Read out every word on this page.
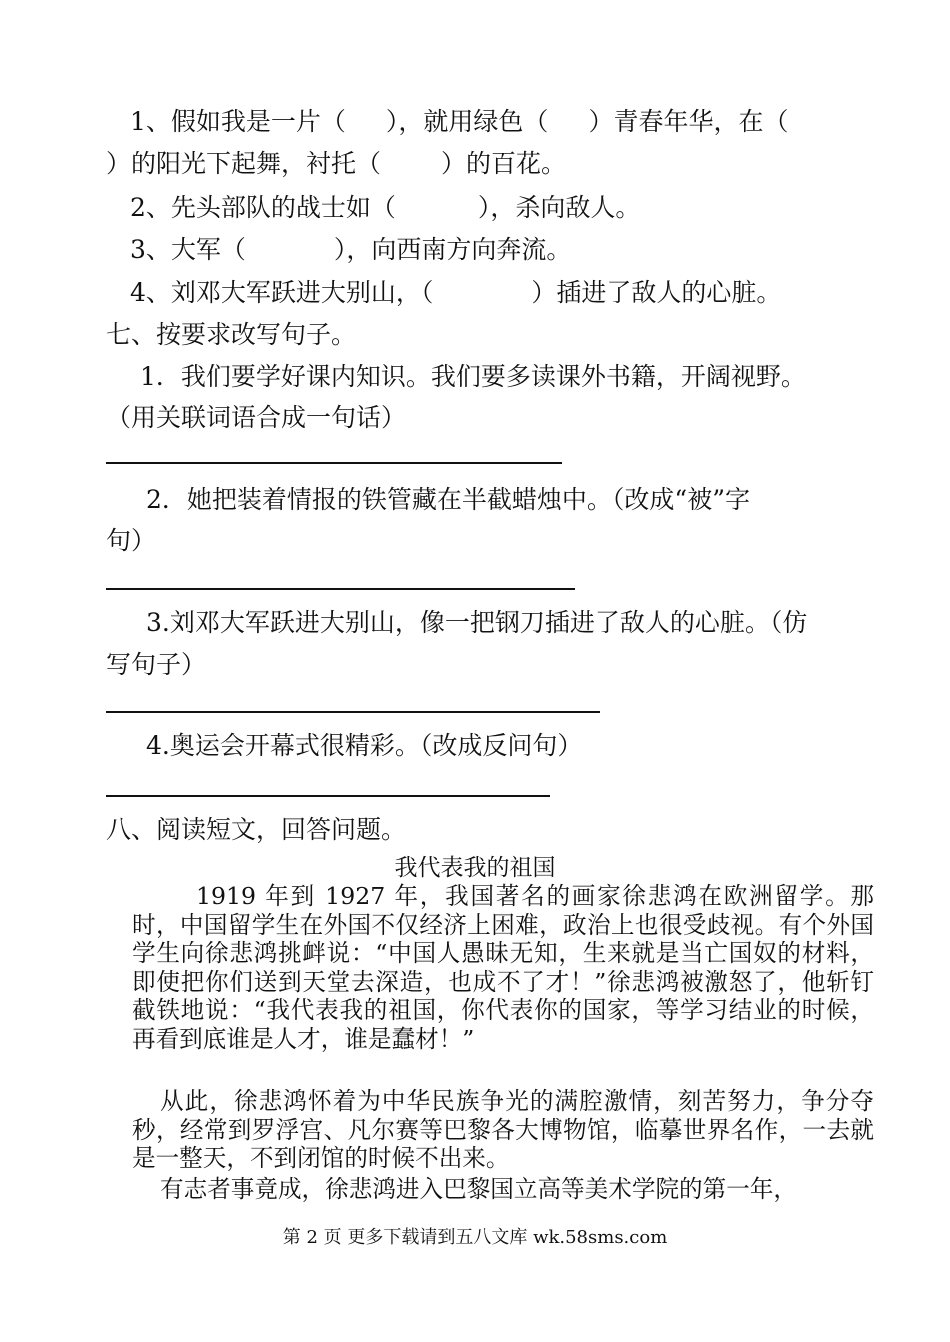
1、假如我是一片（ ），就用绿色（ ）青春年华，在（
）的阳光下起舞，衬托（ ）的百花。
2、先头部队的战士如（	），杀向敌人。
3、大军（	），向西南方向奔流。
4、刘邓大军跃进大别山，（	）插进了敌人的心脏。
七、按要求改写句子。
1．我们要学好课内知识。我们要多读课外书籍，开阔视野。
（用关联词语合成一句话）
2．她把装着情报的铁管藏在半截蜡烛中。（改成“被”字
句）
3.刘邓大军跃进大别山，像一把钢刀插进了敌人的心脏。（仿
写句子）
4.奥运会开幕式很精彩。（改成反问句）
八、阅读短文，回答问题。
我代表我的祖国

1919 年到 1927 年，我国著名的画家徐悲鸿在欧洲留学。那时，中国留学生在外国不仅经济上困难，政治上也很受歧视。有个外国学生向徐悲鸿挑衅说：“中国人愚昧无知，生来就是当亡国奴的材料，即使把你们送到天堂去深造，也成不了才！”徐悲鸿被激怒了，他斩钉截铁地说：“我代表我的祖国，你代表你的国家，等学习结业的时候，再看到底谁是人才，谁是蠢材！”

从此，徐悲鸿怀着为中华民族争光的满腔激情，刻苦努力，争分夺秒，经常到罗浮宫、凡尔赛等巴黎各大博物馆，临摹世界名作，一去就是一整天，不到闭馆的时候不出来。

有志者事竟成，徐悲鸿进入巴黎国立高等美术学院的第一年，

第 2 页 更多下载请到五八文库 wk.58sms.com
